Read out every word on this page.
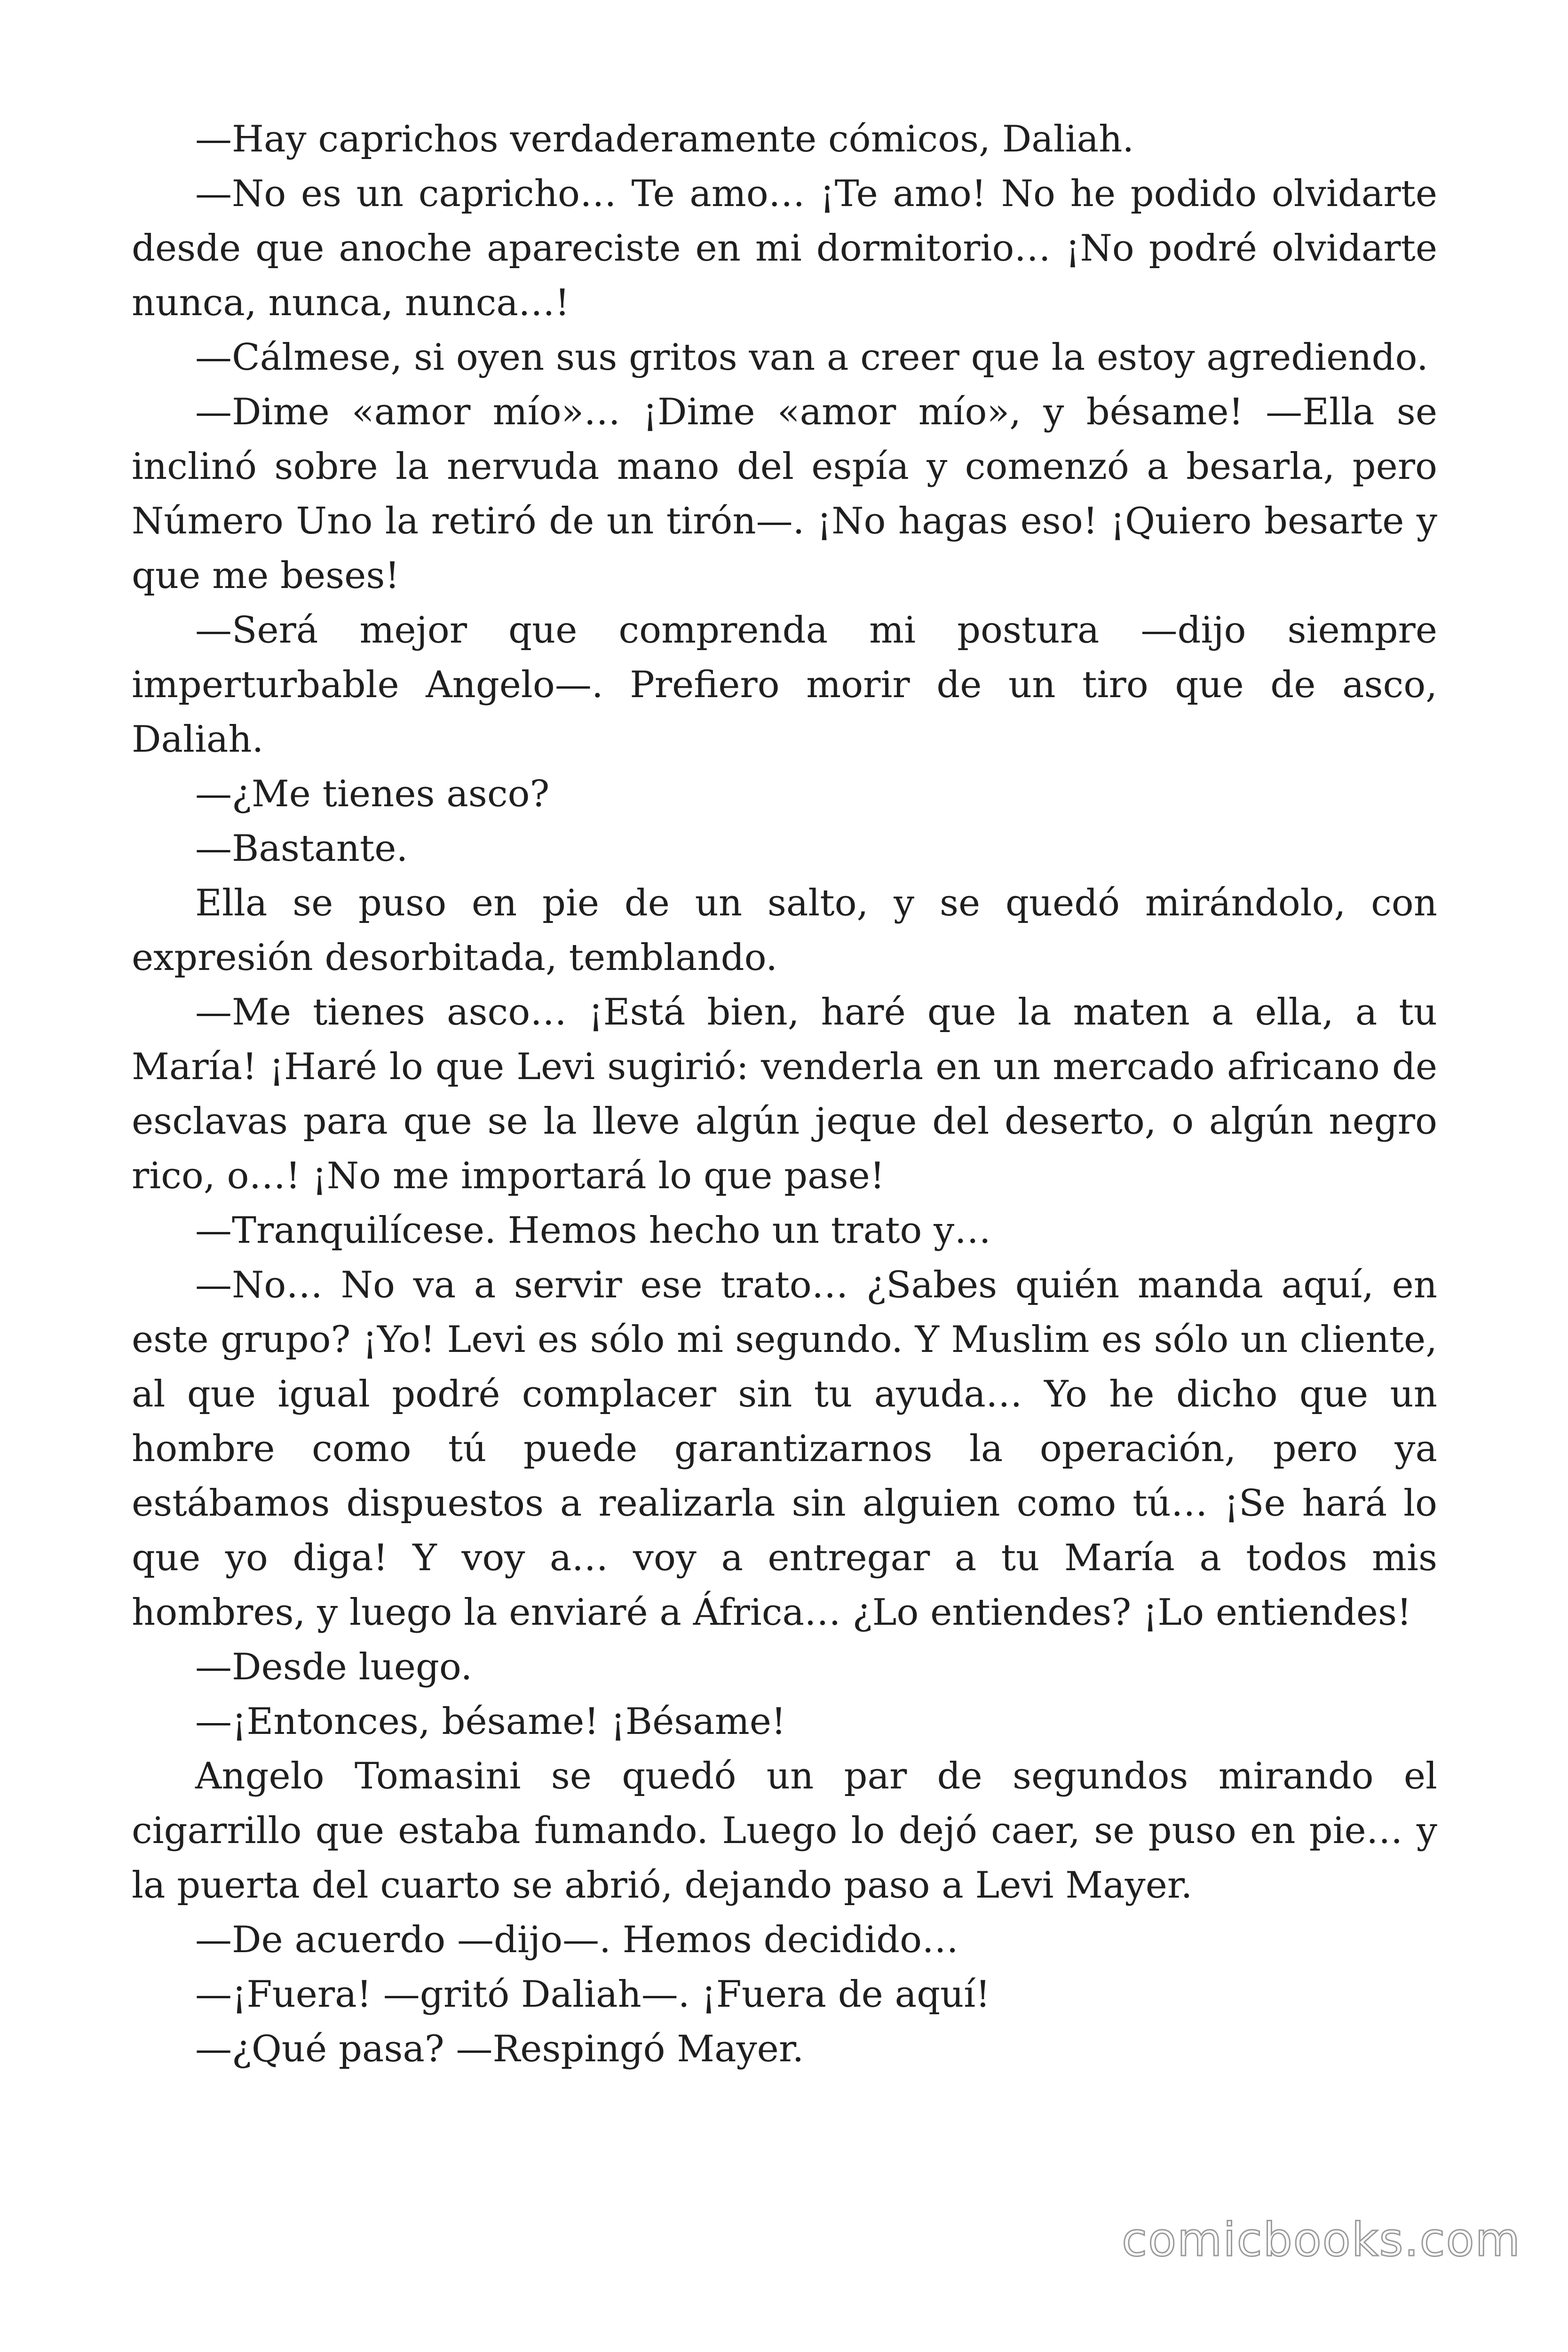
—Hay caprichos verdaderamente cómicos, Daliah.

—No es un capricho… Te amo… ¡Te amo! No he podido olvidarte desde que anoche apareciste en mi dormitorio… ¡No podré olvidarte nunca, nunca, nunca…!

—Cálmese, si oyen sus gritos van a creer que la estoy agrediendo.

—Dime «amor mío»… ¡Dime «amor mío», y bésame! —Ella se inclinó sobre la nervuda mano del espía y comenzó a besarla, pero Número Uno la retiró de un tirón—. ¡No hagas eso! ¡Quiero besarte y que me beses!

—Será mejor que comprenda mi postura —dijo siempre imperturbable Angelo—. Prefiero morir de un tiro que de asco, Daliah.

—¿Me tienes asco?

—Bastante.

Ella se puso en pie de un salto, y se quedó mirándolo, con expresión desorbitada, temblando.

—Me tienes asco… ¡Está bien, haré que la maten a ella, a tu María! ¡Haré lo que Levi sugirió: venderla en un mercado africano de esclavas para que se la lleve algún jeque del deserto, o algún negro rico, o…! ¡No me importará lo que pase!

—Tranquilícese. Hemos hecho un trato y…

—No… No va a servir ese trato… ¿Sabes quién manda aquí, en este grupo? ¡Yo! Levi es sólo mi segundo. Y Muslim es sólo un cliente, al que igual podré complacer sin tu ayuda… Yo he dicho que un hombre como tú puede garantizarnos la operación, pero ya estábamos dispuestos a realizarla sin alguien como tú… ¡Se hará lo que yo diga! Y voy a… voy a entregar a tu María a todos mis hombres, y luego la enviaré a África… ¿Lo entiendes? ¡Lo entiendes!

—Desde luego.

—¡Entonces, bésame! ¡Bésame!

Angelo Tomasini se quedó un par de segundos mirando el cigarrillo que estaba fumando. Luego lo dejó caer, se puso en pie… y la puerta del cuarto se abrió, dejando paso a Levi Mayer.

—De acuerdo —dijo—. Hemos decidido…

—¡Fuera! —gritó Daliah—. ¡Fuera de aquí!

—¿Qué pasa? —Respingó Mayer.

comicbooks.com
